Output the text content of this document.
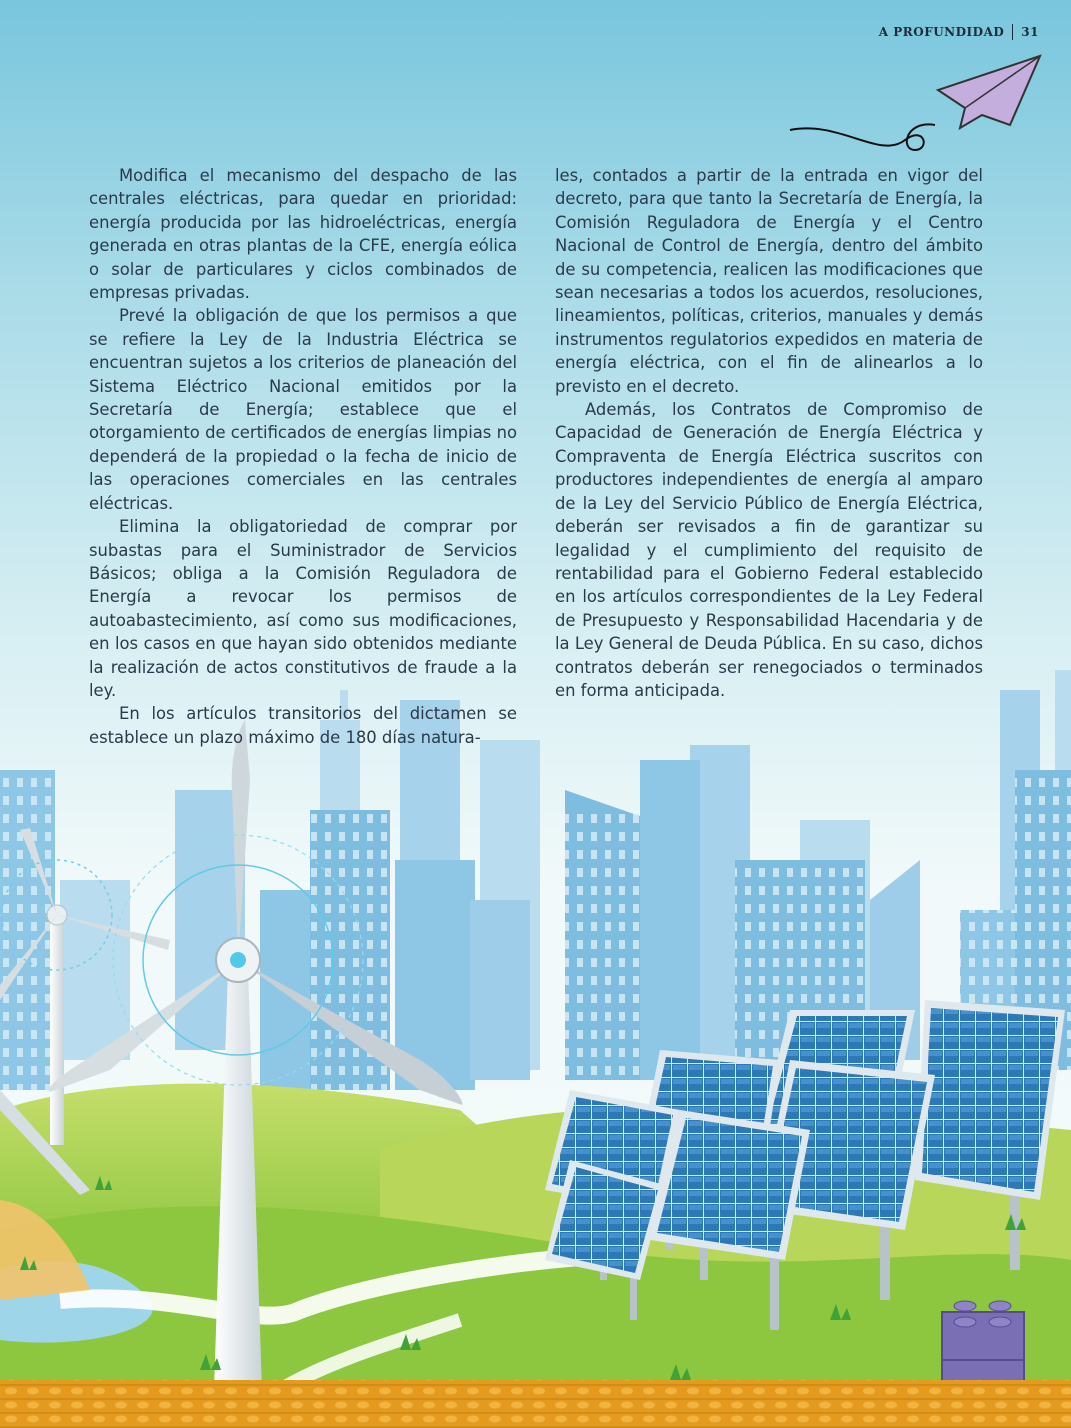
A PROFUNDIDAD 31

Modifica el mecanismo del despacho de las centrales eléctricas, para quedar en prioridad: energía producida por las hidroeléctricas, energía generada en otras plantas de la CFE, energía eólica o solar de particulares y ciclos combinados de empresas privadas.

Prevé la obligación de que los permisos a que se refiere la Ley de la Industria Eléctrica se encuentran sujetos a los criterios de planeación del Sistema Eléctrico Nacional emitidos por la Secretaría de Energía; establece que el otorgamiento de certificados de energías limpias no dependerá de la propiedad o la fecha de inicio de las operaciones comerciales en las centrales eléctricas.

Elimina la obligatoriedad de comprar por subastas para el Suministrador de Servicios Básicos; obliga a la Comisión Reguladora de Energía a revocar los permisos de autoabastecimiento, así como sus modificaciones, en los casos en que hayan sido obtenidos mediante la realización de actos constitutivos de fraude a la ley.

En los artículos transitorios del dictamen se establece un plazo máximo de 180 días natura-

les, contados a partir de la entrada en vigor del decreto, para que tanto la Secretaría de Energía, la Comisión Reguladora de Energía y el Centro Nacional de Control de Energía, dentro del ámbito de su competencia, realicen las modificaciones que sean necesarias a todos los acuerdos, resoluciones, lineamientos, políticas, criterios, manuales y demás instrumentos regulatorios expedidos en materia de energía eléctrica, con el fin de alinearlos a lo previsto en el decreto.

Además, los Contratos de Compromiso de Capacidad de Generación de Energía Eléctrica y Compraventa de Energía Eléctrica suscritos con productores independientes de energía al amparo de la Ley del Servicio Público de Energía Eléctrica, deberán ser revisados a fin de garantizar su legalidad y el cumplimiento del requisito de rentabilidad para el Gobierno Federal establecido en los artículos correspondientes de la Ley Federal de Presupuesto y Responsabilidad Hacendaria y de la Ley General de Deuda Pública. En su caso, dichos contratos deberán ser renegociados o terminados en forma anticipada.
